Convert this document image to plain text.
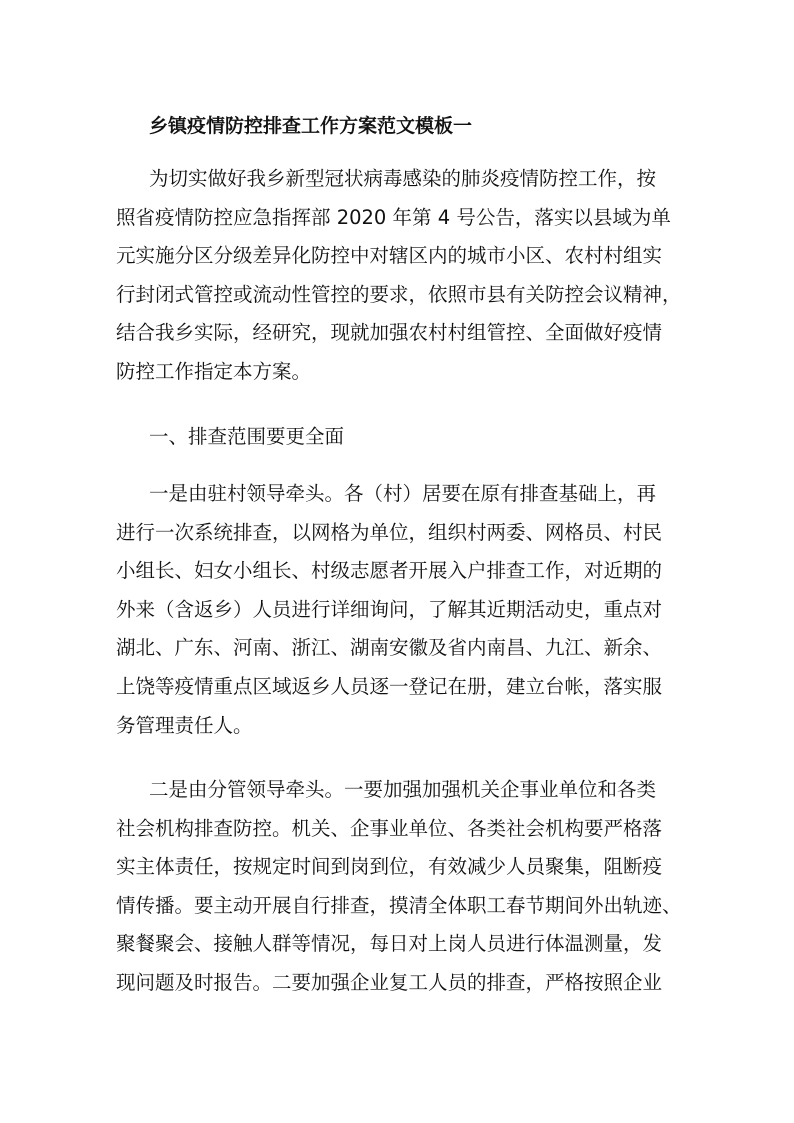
乡镇疫情防控排查工作方案范文模板一
为切实做好我乡新型冠状病毒感染的肺炎疫情防控工作，按
照省疫情防控应急指挥部 2020 年第 4 号公告，落实以县域为单
元实施分区分级差异化防控中对辖区内的城市小区、农村村组实
行封闭式管控或流动性管控的要求，依照市县有关防控会议精神，
结合我乡实际，经研究，现就加强农村村组管控、全面做好疫情
防控工作指定本方案。
一、排查范围要更全面
一是由驻村领导牵头。各（村）居要在原有排查基础上，再
进行一次系统排查，以网格为单位，组织村两委、网格员、村民
小组长、妇女小组长、村级志愿者开展入户排查工作，对近期的
外来（含返乡）人员进行详细询问，了解其近期活动史，重点对
湖北、广东、河南、浙江、湖南安徽及省内南昌、九江、新余、
上饶等疫情重点区域返乡人员逐一登记在册，建立台帐，落实服
务管理责任人。
二是由分管领导牵头。一要加强加强机关企事业单位和各类
社会机构排查防控。机关、企事业单位、各类社会机构要严格落
实主体责任，按规定时间到岗到位，有效减少人员聚集，阻断疫
情传播。要主动开展自行排查，摸清全体职工春节期间外出轨迹、
聚餐聚会、接触人群等情况，每日对上岗人员进行体温测量，发
现问题及时报告。二要加强企业复工人员的排查，严格按照企业
